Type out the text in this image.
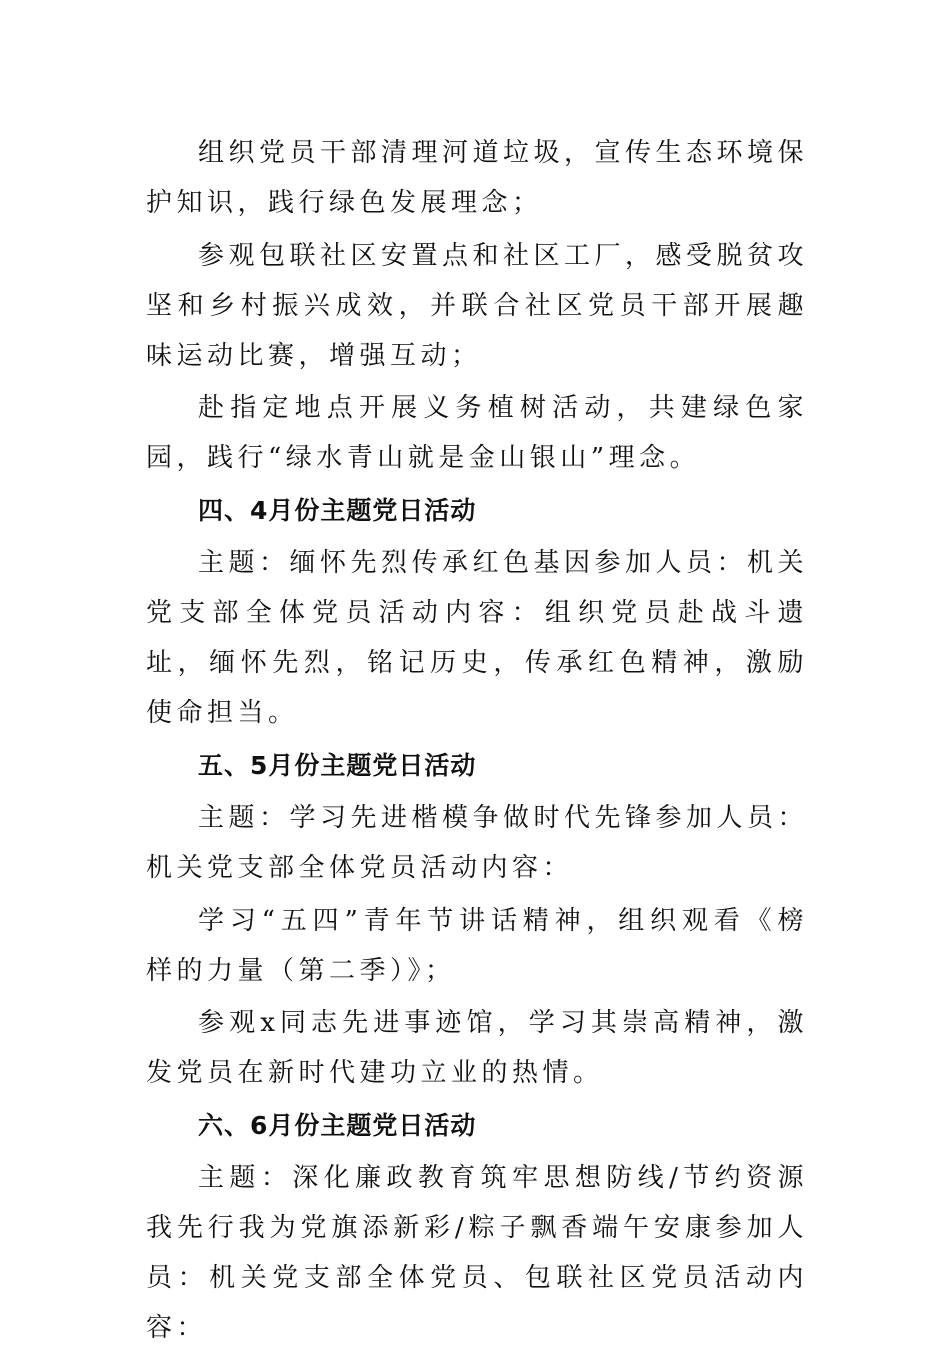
组织党员干部清理河道垃圾，宣传生态环境保护知识，践行绿色发展理念；

参观包联社区安置点和社区工厂，感受脱贫攻坚和乡村振兴成效，并联合社区党员干部开展趣味运动比赛，增强互动；

赴指定地点开展义务植树活动，共建绿色家园，践行“绿水青山就是金山银山”理念。

四、4月份主题党日活动

主题：缅怀先烈传承红色基因参加人员：机关党支部全体党员活动内容：组织党员赴战斗遗址，缅怀先烈，铭记历史，传承红色精神，激励使命担当。

五、5月份主题党日活动

主题：学习先进楷模争做时代先锋参加人员：机关党支部全体党员活动内容：

学习“五四”青年节讲话精神，组织观看《榜样的力量（第二季）》；

参观x同志先进事迹馆，学习其崇高精神，激发党员在新时代建功立业的热情。

六、6月份主题党日活动

主题：深化廉政教育筑牢思想防线/节约资源我先行我为党旗添新彩/粽子飘香端午安康参加人员：机关党支部全体党员、包联社区党员活动内容：
